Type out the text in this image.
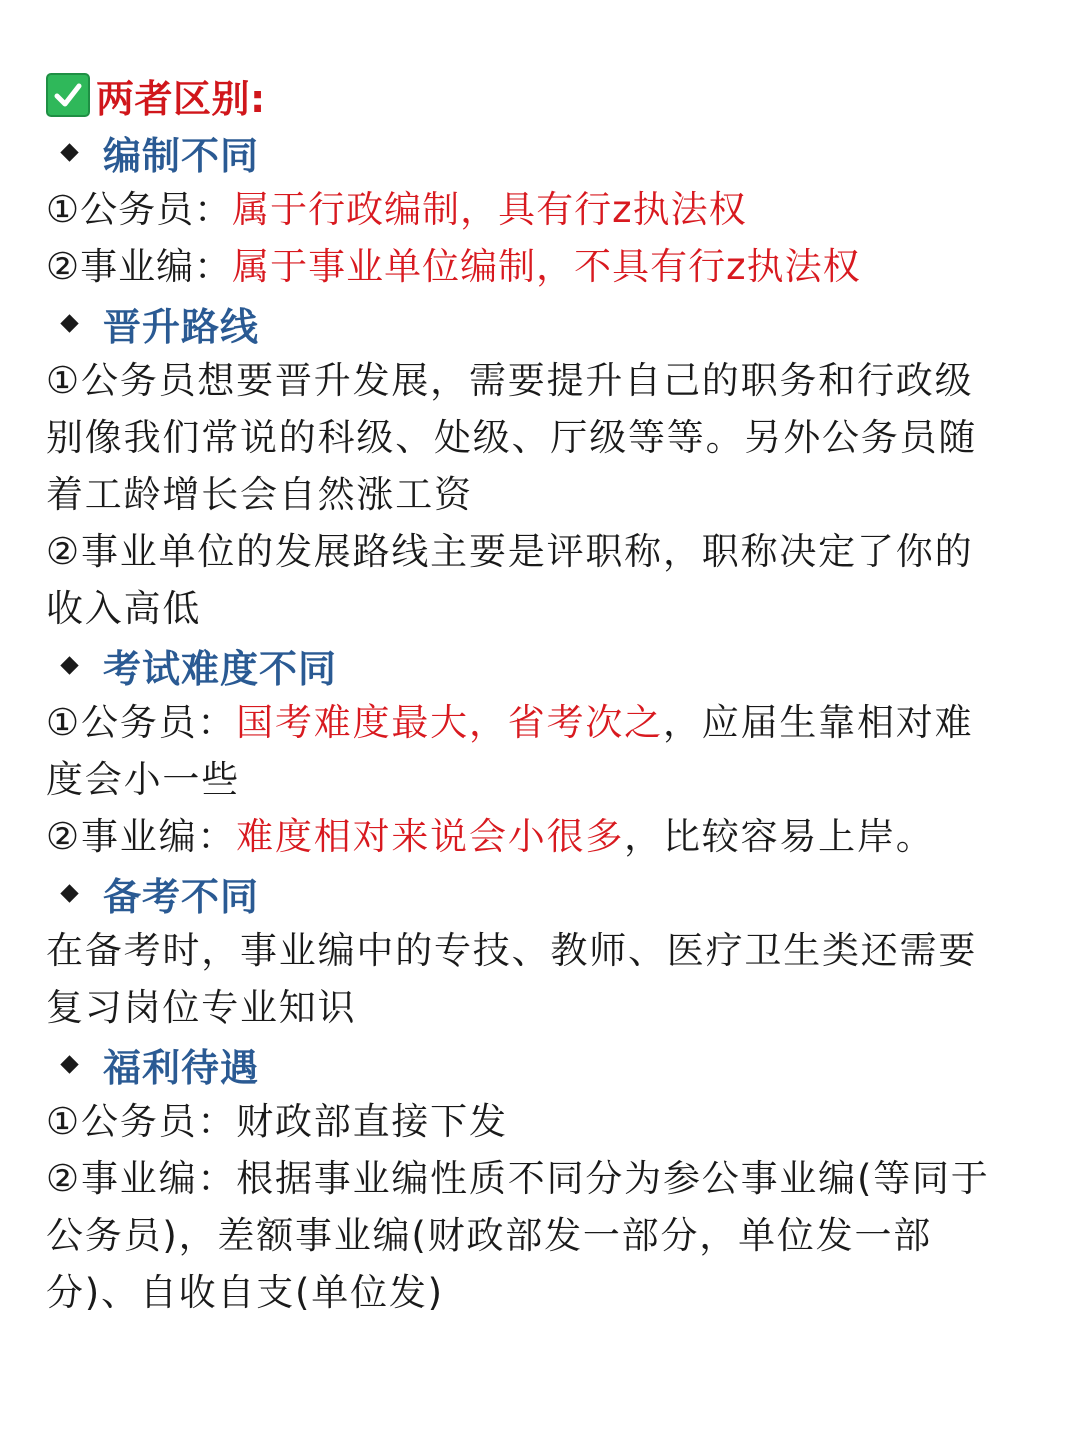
两者区别:
编制不同
①公务员：属于行政编制，具有行z执法权
②事业编：属于事业单位编制，不具有行z执法权
晋升路线
①公务员想要晋升发展，需要提升自己的职务和行政级别像我们常说的科级、处级、厅级等等。另外公务员随着工龄增长会自然涨工资
②事业单位的发展路线主要是评职称，职称决定了你的收入高低
考试难度不同
①公务员：国考难度最大，省考次之，应届生靠相对难度会小一些
②事业编：难度相对来说会小很多，比较容易上岸。
备考不同
在备考时，事业编中的专技、教师、医疗卫生类还需要复习岗位专业知识
福利待遇
①公务员：财政部直接下发
②事业编：根据事业编性质不同分为参公事业编(等同于公务员)，差额事业编(财政部发一部分，单位发一部分)、自收自支(单位发)
